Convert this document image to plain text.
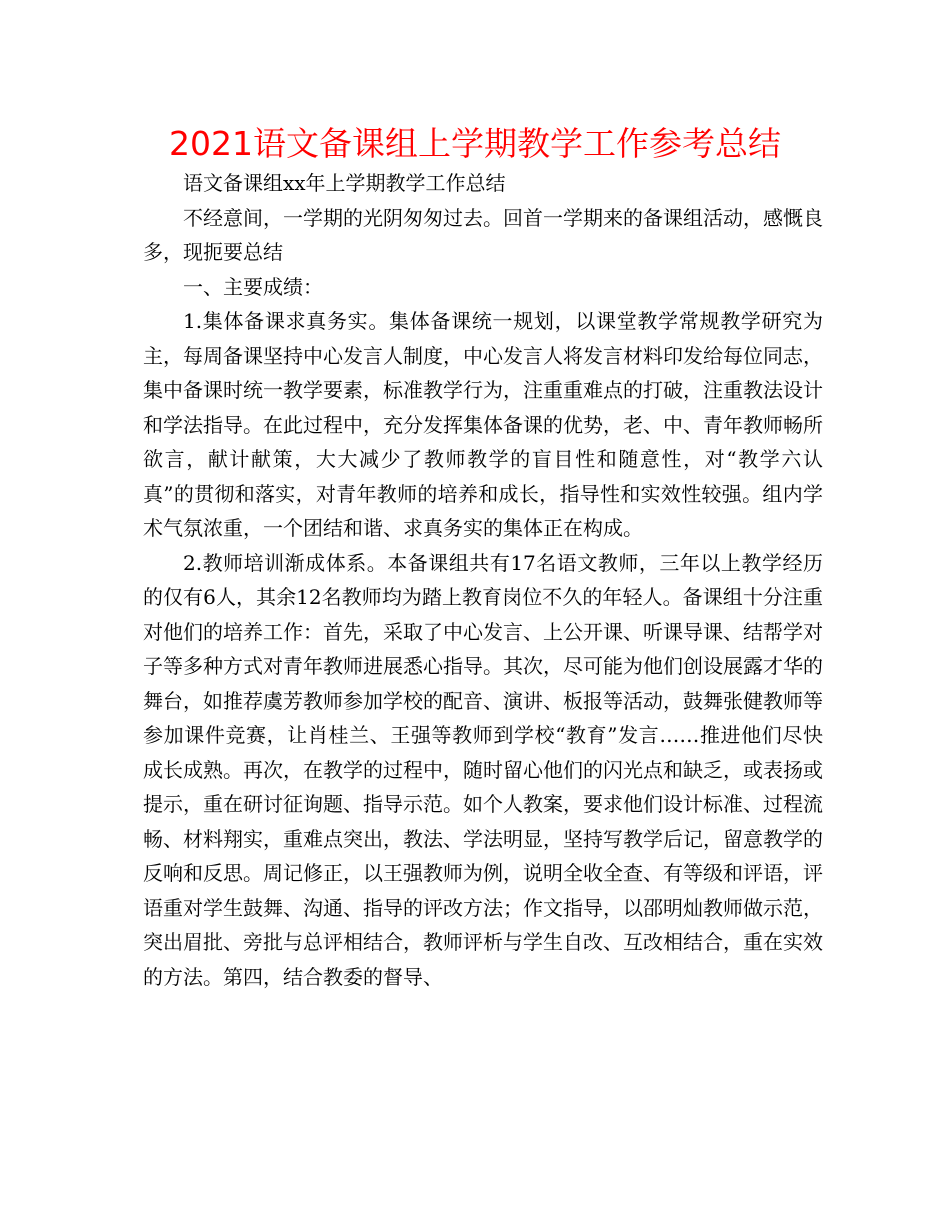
2021语文备课组上学期教学工作参考总结

语文备课组xx年上学期教学工作总结

不经意间，一学期的光阴匆匆过去。回首一学期来的备课组活动，感慨良多，现扼要总结

一、主要成绩：

1.集体备课求真务实。集体备课统一规划，以课堂教学常规教学研究为主，每周备课坚持中心发言人制度，中心发言人将发言材料印发给每位同志，集中备课时统一教学要素，标准教学行为，注重重难点的打破，注重教法设计和学法指导。在此过程中，充分发挥集体备课的优势，老、中、青年教师畅所欲言，献计献策，大大减少了教师教学的盲目性和随意性，对“教学六认真”的贯彻和落实，对青年教师的培养和成长，指导性和实效性较强。组内学术气氛浓重，一个团结和谐、求真务实的集体正在构成。

2.教师培训渐成体系。本备课组共有17名语文教师，三年以上教学经历的仅有6人，其余12名教师均为踏上教育岗位不久的年轻人。备课组十分注重对他们的培养工作：首先，采取了中心发言、上公开课、听课导课、结帮学对子等多种方式对青年教师进展悉心指导。其次，尽可能为他们创设展露才华的舞台，如推荐虞芳教师参加学校的配音、演讲、板报等活动，鼓舞张健教师等参加课件竞赛，让肖桂兰、王强等教师到学校“教育”发言……推进他们尽快成长成熟。再次，在教学的过程中，随时留心他们的闪光点和缺乏，或表扬或提示，重在研讨征询题、指导示范。如个人教案，要求他们设计标准、过程流畅、材料翔实，重难点突出，教法、学法明显，坚持写教学后记，留意教学的反响和反思。周记修正，以王强教师为例，说明全收全查、有等级和评语，评语重对学生鼓舞、沟通、指导的评改方法；作文指导，以邵明灿教师做示范，突出眉批、旁批与总评相结合，教师评析与学生自改、互改相结合，重在实效的方法。第四，结合教委的督导、
